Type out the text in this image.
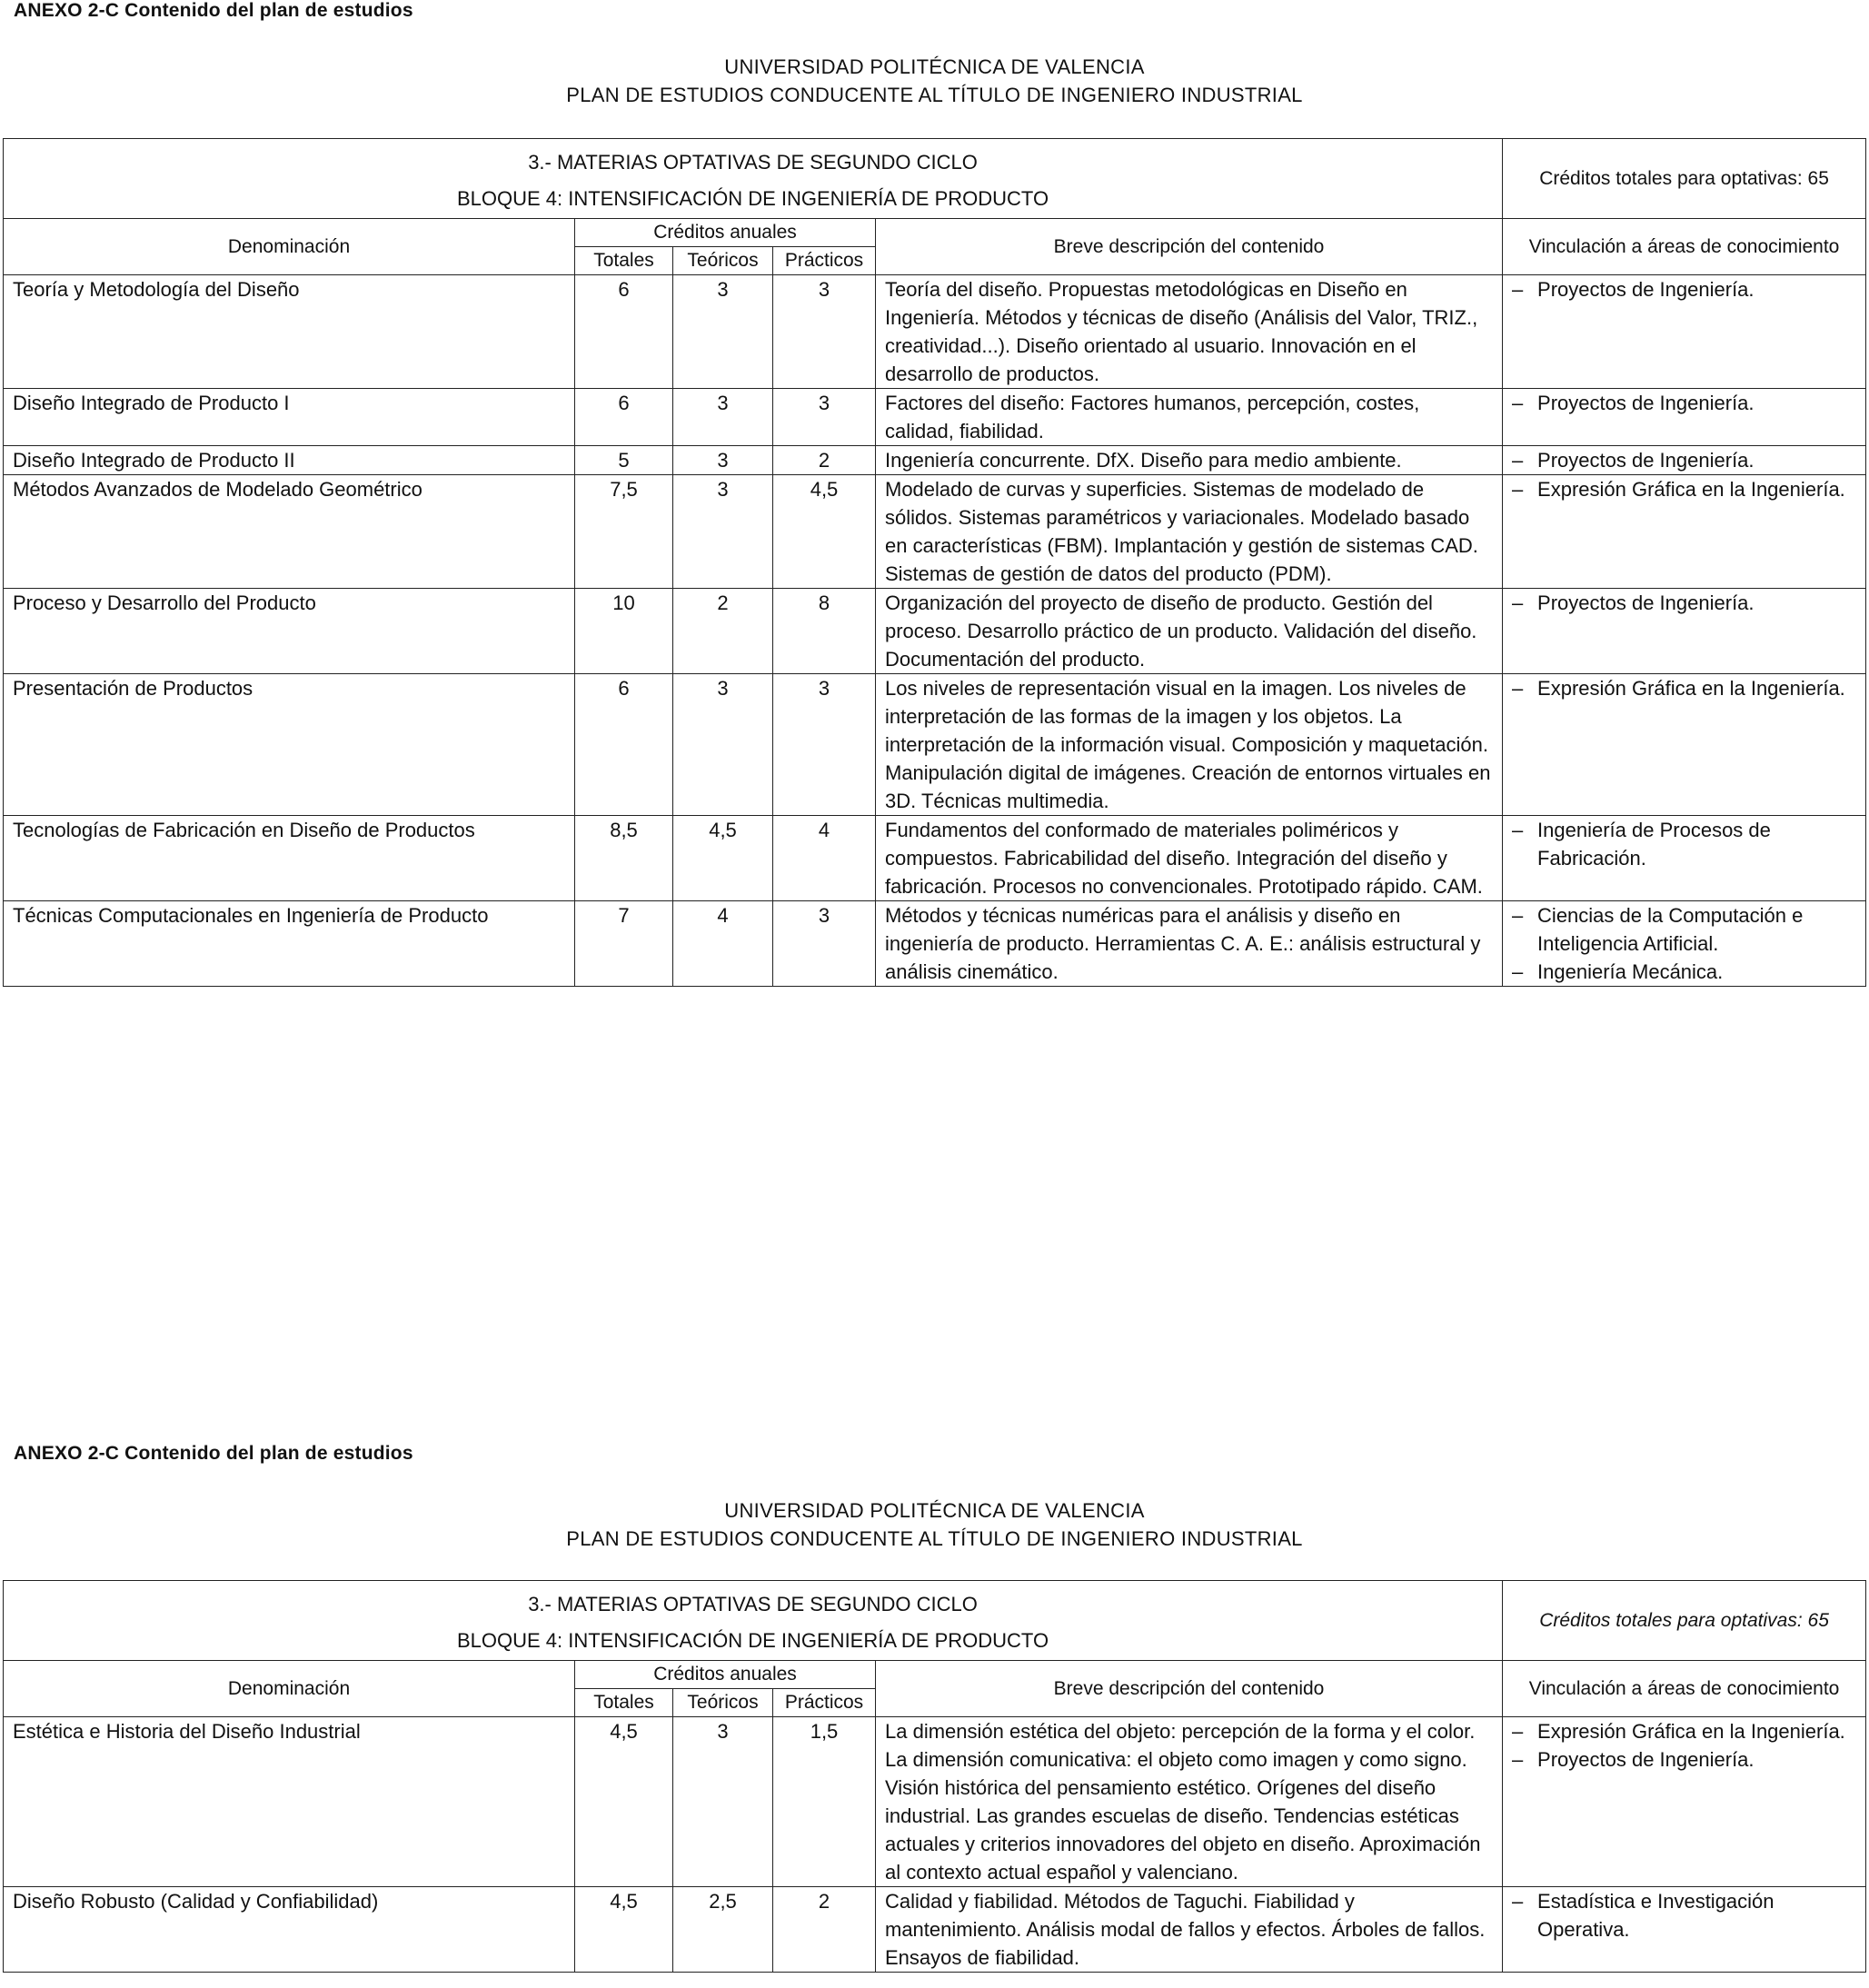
ANEXO 2-C Contenido del plan de estudios
UNIVERSIDAD POLITÉCNICA DE VALENCIA
PLAN DE ESTUDIOS CONDUCENTE AL TÍTULO DE INGENIERO INDUSTRIAL
3.- MATERIAS OPTATIVAS DE SEGUNDO CICLO
BLOQUE 4: INTENSIFICACIÓN DE INGENIERÍA DE PRODUCTO					Créditos totales para optativas: 65
Denominación	Créditos anuales			Breve descripción del contenido	Vinculación a áreas de conocimiento
	Totales	Teóricos	Prácticos		
Teoría y Metodología del Diseño	6	3	3	Teoría del diseño. Propuestas metodológicas en Diseño en Ingeniería. Métodos y técnicas de diseño (Análisis del Valor, TRIZ., creatividad...). Diseño orientado al usuario. Innovación en el desarrollo de productos.	– Proyectos de Ingeniería.

Diseño Integrado de Producto I	6	3	3	Factores del diseño: Factores humanos, percepción, costes, calidad, fiabilidad.	– Proyectos de Ingeniería.

Diseño Integrado de Producto II	5	3	2	Ingeniería concurrente. DfX. Diseño para medio ambiente.	– Proyectos de Ingeniería.

Métodos Avanzados de Modelado Geométrico	7,5	3	4,5	Modelado de curvas y superficies. Sistemas de modelado de sólidos. Sistemas paramétricos y variacionales. Modelado basado en características (FBM). Implantación y gestión de sistemas CAD. Sistemas de gestión de datos del producto (PDM).	– Expresión Gráfica en la Ingeniería.

Proceso y Desarrollo del Producto	10	2	8	Organización del proyecto de diseño de producto. Gestión del proceso. Desarrollo práctico de un producto. Validación del diseño. Documentación del producto.	– Proyectos de Ingeniería.

Presentación de Productos	6	3	3	Los niveles de representación visual en la imagen. Los niveles de interpretación de las formas de la imagen y los objetos. La interpretación de la información visual. Composición y maquetación. Manipulación digital de imágenes. Creación de entornos virtuales en 3D. Técnicas multimedia.	– Expresión Gráfica en la Ingeniería.

Tecnologías de Fabricación en Diseño de Productos	8,5	4,5	4	Fundamentos del conformado de materiales poliméricos y compuestos. Fabricabilidad del diseño. Integración del diseño y fabricación. Procesos no convencionales. Prototipado rápido. CAM.	– Ingeniería de Procesos de Fabricación.

Técnicas Computacionales en Ingeniería de Producto	7	4	3	Métodos y técnicas numéricas para el análisis y diseño en ingeniería de producto. Herramientas C. A. E.: análisis estructural y análisis cinemático.	– Ciencias de la Computación e Inteligencia Artificial.
– Ingeniería Mecánica.
ANEXO 2-C Contenido del plan de estudios
UNIVERSIDAD POLITÉCNICA DE VALENCIA
PLAN DE ESTUDIOS CONDUCENTE AL TÍTULO DE INGENIERO INDUSTRIAL
3.- MATERIAS OPTATIVAS DE SEGUNDO CICLO
BLOQUE 4: INTENSIFICACIÓN DE INGENIERÍA DE PRODUCTO					Créditos totales para optativas: 65
Denominación	Créditos anuales			Breve descripción del contenido	Vinculación a áreas de conocimiento
	Totales	Teóricos	Prácticos		
Estética e Historia del Diseño Industrial	4,5	3	1,5	La dimensión estética del objeto: percepción de la forma y el color. La dimensión comunicativa: el objeto como imagen y como signo. Visión histórica del pensamiento estético. Orígenes del diseño industrial. Las grandes escuelas de diseño. Tendencias estéticas actuales y criterios innovadores del objeto en diseño. Aproximación al contexto actual español y valenciano.	– Expresión Gráfica en la Ingeniería.
– Proyectos de Ingeniería.

Diseño Robusto (Calidad y Confiabilidad)	4,5	2,5	2	Calidad y fiabilidad. Métodos de Taguchi. Fiabilidad y mantenimiento. Análisis modal de fallos y efectos. Árboles de fallos. Ensayos de fiabilidad.	– Estadística e Investigación Operativa.
